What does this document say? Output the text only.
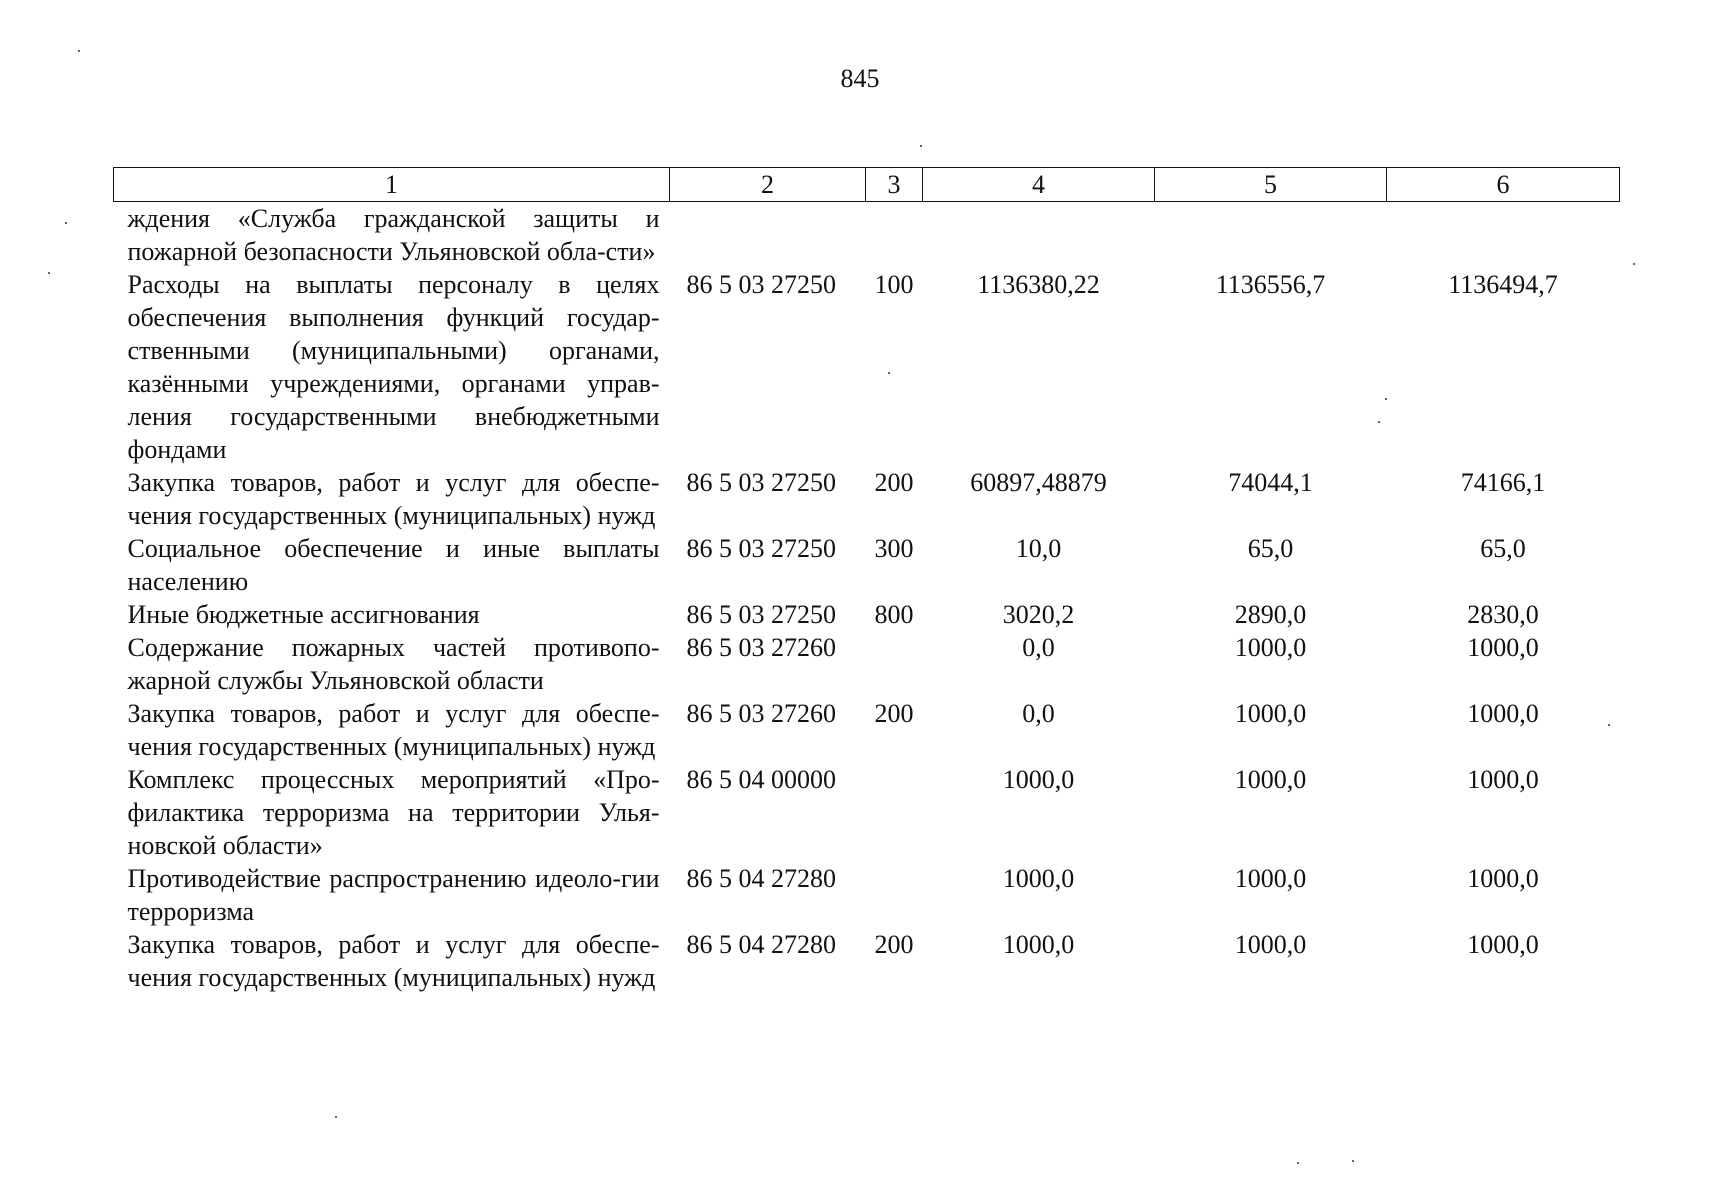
845
1	2	3	4	5	6
ждения «Служба гражданской защиты и пожарной безопасности Ульяновской обла-сти»					
Расходы на выплаты персоналу в целях обеспечения выполнения функций государ-ственными (муниципальными) органами, казёнными учреждениями, органами управ-ления государственными внебюджетными фондами	86 5 03 27250	100	1136380,22	1136556,7	1136494,7
Закупка товаров, работ и услуг для обеспе-чения государственных (муниципальных) нужд	86 5 03 27250	200	60897,48879	74044,1	74166,1
Социальное обеспечение и иные выплаты населению	86 5 03 27250	300	10,0	65,0	65,0
Иные бюджетные ассигнования	86 5 03 27250	800	3020,2	2890,0	2830,0
Содержание пожарных частей противопо-жарной службы Ульяновской области	86 5 03 27260		0,0	1000,0	1000,0
Закупка товаров, работ и услуг для обеспе-чения государственных (муниципальных) нужд	86 5 03 27260	200	0,0	1000,0	1000,0
Комплекс процессных мероприятий «Про-филактика терроризма на территории Улья-новской области»	86 5 04 00000		1000,0	1000,0	1000,0
Противодействие распространению идеоло-гии терроризма	86 5 04 27280		1000,0	1000,0	1000,0
Закупка товаров, работ и услуг для обеспе-чения государственных (муниципальных) нужд	86 5 04 27280	200	1000,0	1000,0	1000,0
